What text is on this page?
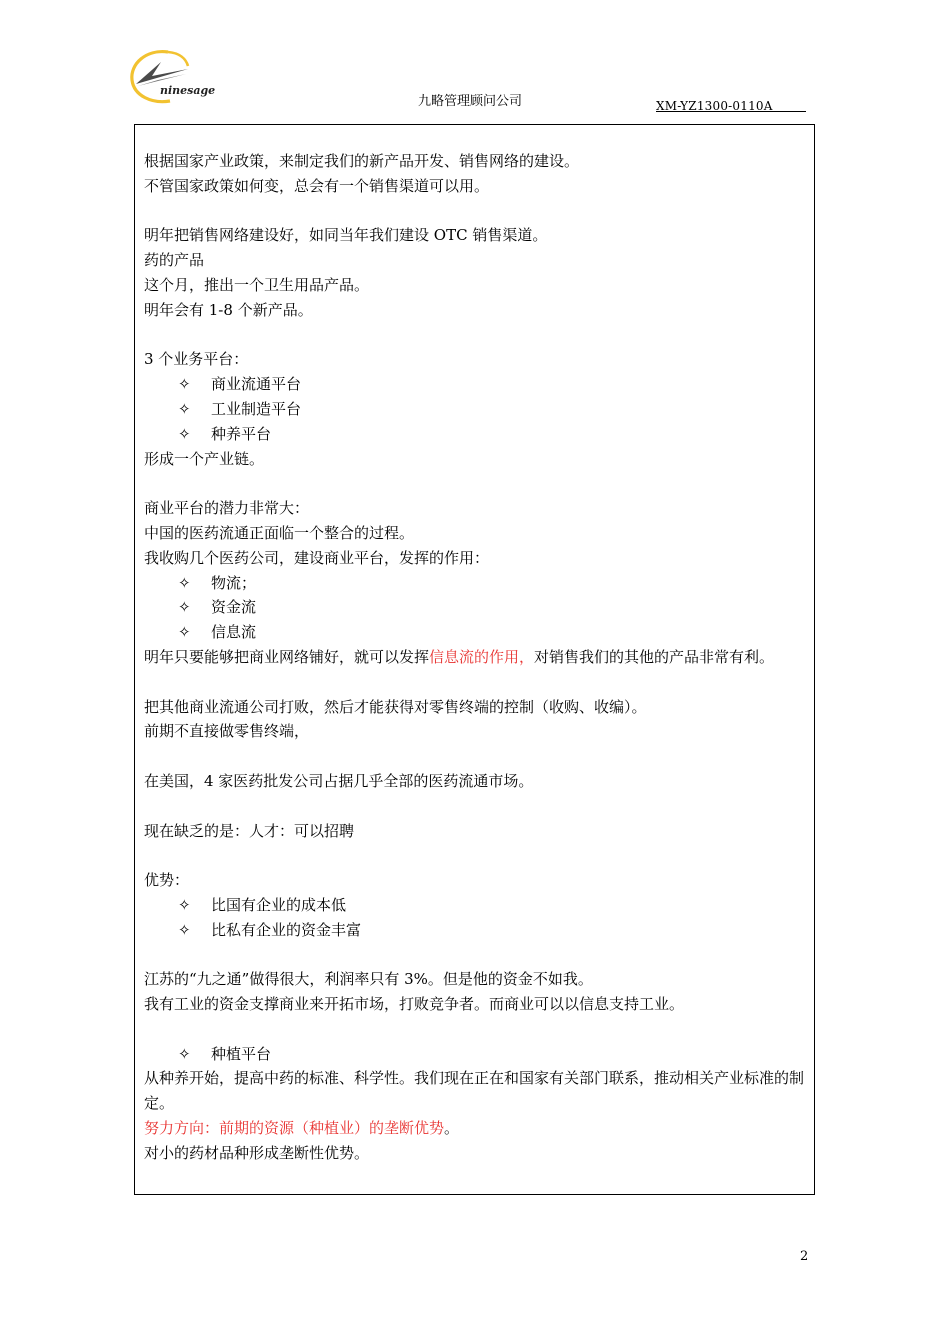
ninesage
九略管理顾问公司	XM-YZ1300-0110A
根据国家产业政策，来制定我们的新产品开发、销售网络的建设。
不管国家政策如何变，总会有一个销售渠道可以用。
明年把销售网络建设好，如同当年我们建设 OTC 销售渠道。
药的产品
这个月，推出一个卫生用品产品。
明年会有 1-8 个新产品。
3 个业务平台：
✧ 商业流通平台
✧ 工业制造平台
✧ 种养平台
形成一个产业链。
商业平台的潜力非常大：
中国的医药流通正面临一个整合的过程。
我收购几个医药公司，建设商业平台，发挥的作用：
✧ 物流；
✧ 资金流
✧ 信息流
明年只要能够把商业网络铺好，就可以发挥信息流的作用，对销售我们的其他的产品非常有利。
把其他商业流通公司打败，然后才能获得对零售终端的控制（收购、收编）。
前期不直接做零售终端，
在美国，4 家医药批发公司占据几乎全部的医药流通市场。
现在缺乏的是：人才：可以招聘
优势：
✧ 比国有企业的成本低
✧ 比私有企业的资金丰富
江苏的“九之通”做得很大，利润率只有 3%。但是他的资金不如我。
我有工业的资金支撑商业来开拓市场，打败竞争者。而商业可以以信息支持工业。
✧ 种植平台
从种养开始，提高中药的标准、科学性。我们现在正在和国家有关部门联系，推动相关产业标准的制定。
努力方向：前期的资源（种植业）的垄断优势。
对小的药材品种形成垄断性优势。
2
